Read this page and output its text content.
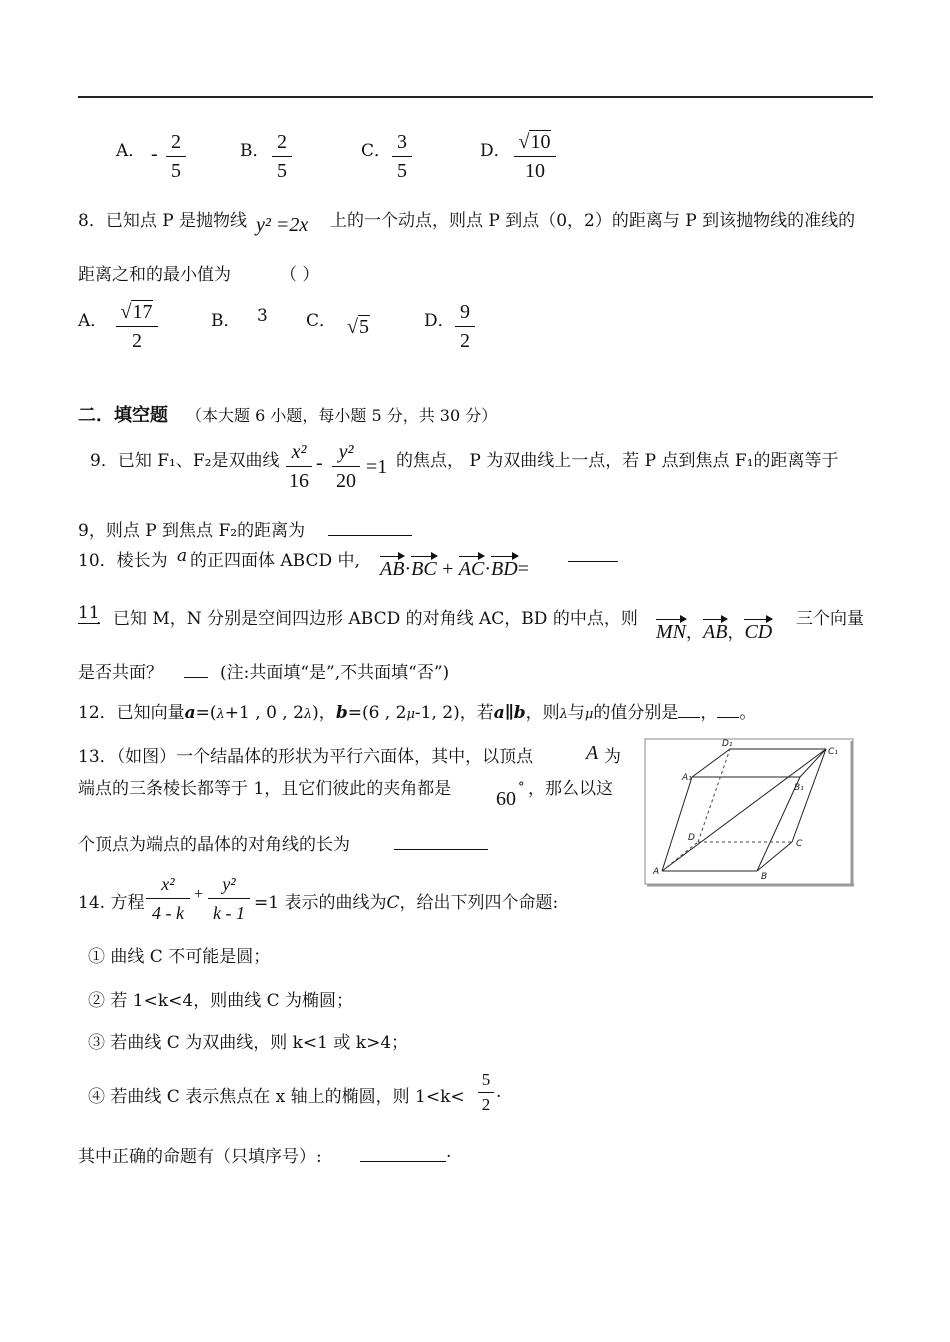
A． -
2
5
B． 2
5
C． 3
5
D． √10
10
8．已知点 P 是抛物线 y² =2x 上的一个动点，则点 P 到点（0，2）的距离与 P 到该抛物线的准线的
距离之和的最小值为	（ ）
A． √17
2
B． 3 C． √5	D． 9
2
二．填空题 （本大题 6 小题，每小题 5 分，共 30 分）
9．已知 F₁、F₂是双曲线 x²
16
- y²
20
=1 的焦点， P 为双曲线上一点，若 P 点到焦点 F₁的距离等于
9，则点 P 到焦点 F₂的距离为
10．棱长为 a 的正四面体 ABCD 中, AB·BC + AC·BD=
11
．已知 M，N 分别是空间四边形 ABCD 的对角线 AC，BD 的中点，则
MN，AB，CD
三个向量
是否共面？	(注:共面填“是”,不共面填“否”)
12．已知向量a=(λ+1 , 0 , 2λ)，b=(6 , 2μ-1, 2)，若a∥b，则λ与μ的值分别是 ， 。
13．（如图）一个结晶体的形状为平行六面体，其中，以顶点	A 为
端点的三条棱长都等于 1，且它们彼此的夹角都是 60
° ，那么以这
个顶点为端点的晶体的对角线的长为
D₁
C₁
A₁
B₁
D
C
A	B
14. 方程
x²
4 - k
+
y²
k - 1 =1 表示的曲线为C，给出下列四个命题:
① 曲线 C 不可能是圆；
② 若 1<k<4，则曲线 C 为椭圆；
③ 若曲线 C 为双曲线，则 k<1 或 k>4；
④ 若曲线 C 表示焦点在 x 轴上的椭圆，则 1<k<
5
2
.
其中正确的命题有（只填序号）:	.
